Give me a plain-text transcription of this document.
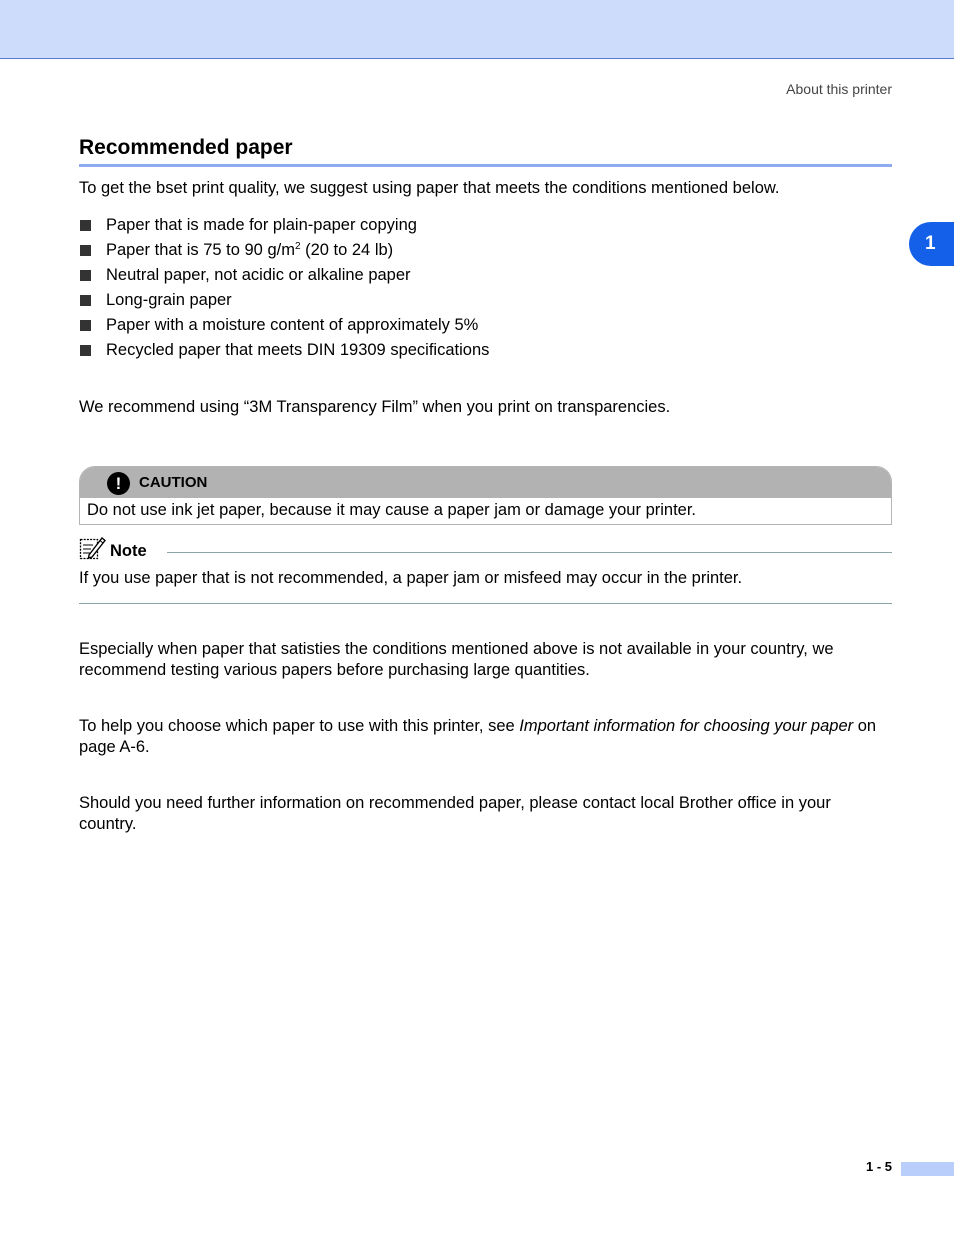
About this printer
1
Recommended paper

To get the bset print quality, we suggest using paper that meets the conditions mentioned below.

Paper that is made for plain-paper copying
Paper that is 75 to 90 $g/m^2$ (20 to 24 lb)
Neutral paper, not acidic or alkaline paper
Long-grain paper
Paper with a moisture content of approximately 5%
Recycled paper that meets DIN 19309 specifications

We recommend using “3M Transparency Film” when you print on transparencies.

!	CAUTION
Do not use ink jet paper, because it may cause a paper jam or damage your printer.
Note

If you use paper that is not recommended, a paper jam or misfeed may occur in the printer.

Especially when paper that satisties the conditions mentioned above is not available in your country, we recommend testing various papers before purchasing large quantities.

To help you choose which paper to use with this printer, see Important information for choosing your paper on page A-6.

Should you need further information on recommended paper, please contact local Brother office in your country.

1 - 5
